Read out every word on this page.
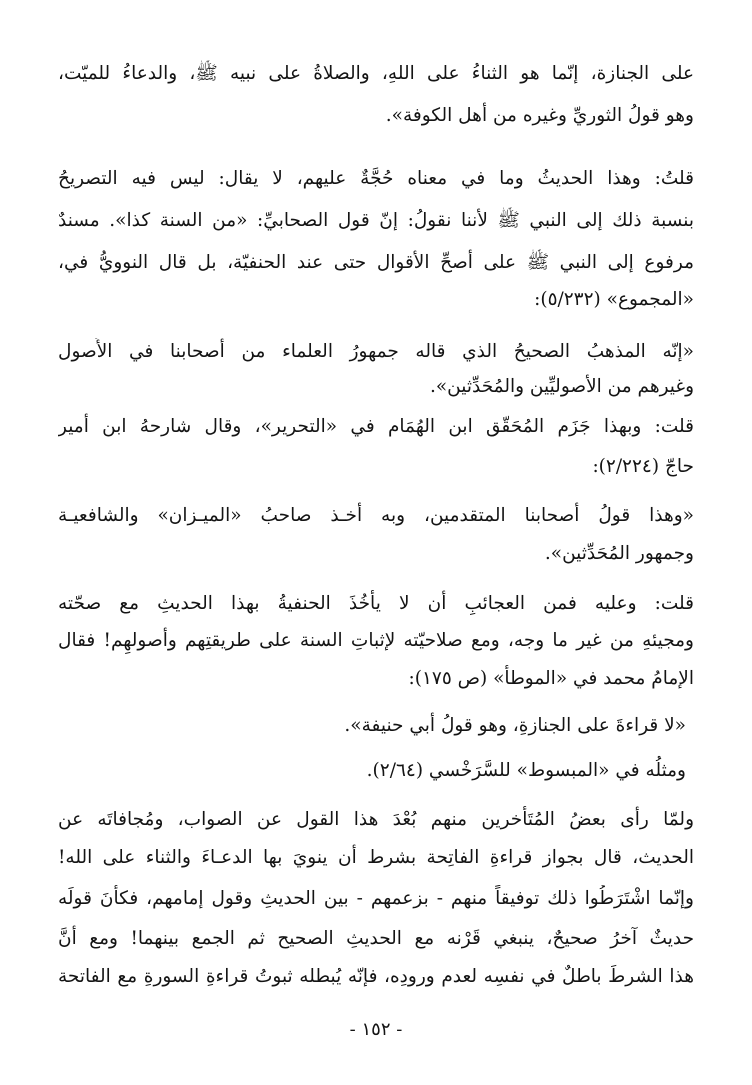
على الجنازة، إنّما هو الثناءُ على اللهِ، والصلاةُ على نبيه ﷺ، والدعاءُ للميّت،
وهو قولُ الثوريِّ وغيره من أهل الكوفة».
قلتُ: وهذا الحديثُ وما في معناه حُجَّةٌ عليهم، لا يقال: ليس فيه التصريحُ
بنسبة ذلك إلى النبي ﷺ لأننا نقولُ: إنّ قول الصحابيِّ: «من السنة كذا». مسندٌ
مرفوع إلى النبي ﷺ على أصحِّ الأقوال حتى عند الحنفيّة، بل قال النوويُّ في،
«المجموع» (٥/٢٣٢):
«إنّه المذهبُ الصحيحُ الذي قاله جمهورُ العلماء من أصحابنا في الأُصول
وغيرهم من الأصوليِّين والمُحَدِّثين».
قلت: وبهذا جَزَم المُحَقّق ابن الهُمَام في «التحرير»، وقال شارحهُ ابن أمير
حاجّ (٢/٢٢٤):
«وهذا قولُ أصحابنا المتقدمين، وبه أخـذ صاحبُ «الميـزان» والشافعيـة
وجمهور المُحَدِّثين».
قلت: وعليه فمن العجائبِ أن لا يأخُذَ الحنفيةُ بهذا الحديثِ مع صحّته
ومجيئهِ من غير ما وجه، ومع صلاحيّته لإثباتِ السنة على طريقتِهم وأصولهِم! فقال
الإمامُ محمد في «الموطأ» (ص ١٧٥):
«لا قراءةَ على الجنازةِ، وهو قولُ أبي حنيفة».
ومثلُه في «المبسوط» للسَّرَخْسي (٢/٦٤).
ولمّا رأى بعضُ المُتَأَخرين منهم بُعْدَ هذا القول عن الصواب، ومُجافاتَه عن
الحديث، قال بجواز قراءةِ الفاتِحة بشرط أن ينويَ بها الدعـاءَ والثناء على الله!
وإنّما اشْتَرَطُوا ذلك توفيقاً منهم - بزعمهم - بين الحديثِ وقول إمامهم، فكأنَ قولَه
حديثٌ آخرُ صحيحٌ، ينبغي قَرْنه مع الحديثِ الصحيح ثم الجمع بينهما! ومع أنَّ
هذا الشرطَ باطلٌ في نفسِه لعدم ورودِه، فإنّه يُبطله ثبوتُ قراءةِ السورةِ مع الفاتحة
- ١٥٢ -
